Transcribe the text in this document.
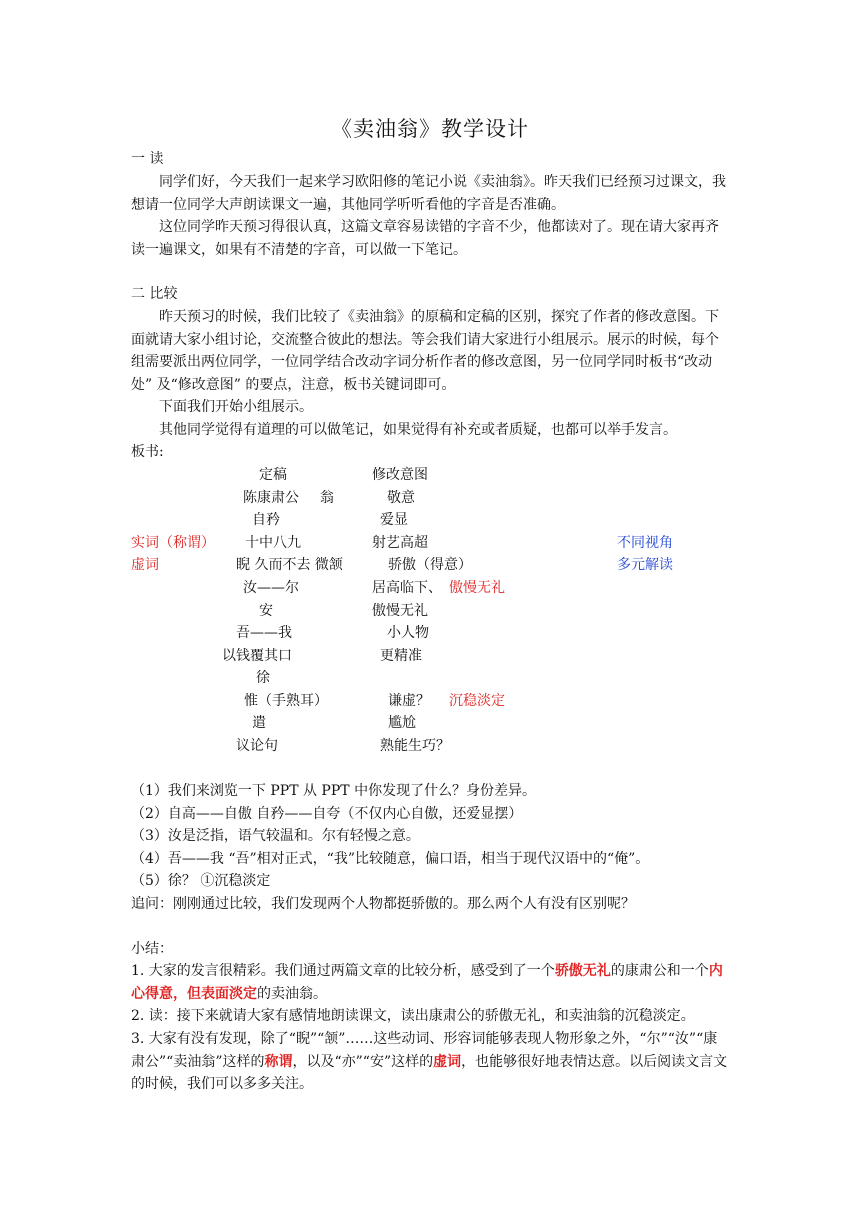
《卖油翁》教学设计

一 读

同学们好，今天我们一起来学习欧阳修的笔记小说《卖油翁》。昨天我们已经预习过课文，我想请一位同学大声朗读课文一遍，其他同学听听看他的字音是否准确。

这位同学昨天预习得很认真，这篇文章容易读错的字音不少，他都读对了。现在请大家再齐读一遍课文，如果有不清楚的字音，可以做一下笔记。

二 比较

昨天预习的时候，我们比较了《卖油翁》的原稿和定稿的区别，探究了作者的修改意图。下面就请大家小组讨论，交流整合彼此的想法。等会我们请大家进行小组展示。展示的时候，每个组需要派出两位同学，一位同学结合改动字词分析作者的修改意图，另一位同学同时板书“改动处” 及“修改意图” 的要点，注意，板书关键词即可。

下面我们开始小组展示。

其他同学觉得有道理的可以做笔记，如果觉得有补充或者质疑，也都可以举手发言。

板书:

定稿	修改意图
陈康肃公 翁	敬意
自矜	爱显
实词（称谓） 十中八九	射艺高超	不同视角
虚词	睨 久而不去 微颔	骄傲（得意）	多元解读
汝——尔	居高临下、 傲慢无礼
安	傲慢无礼
吾——我	小人物
以钱覆其口	更精准
徐
惟（手熟耳）	谦虚？ 沉稳淡定
遣	尴尬
议论句	熟能生巧？

（1）我们来浏览一下 PPT 从 PPT 中你发现了什么？身份差异。

（2）自高——自傲 自矜——自夸（不仅内心自傲，还爱显摆）

（3）汝是泛指，语气较温和。尔有轻慢之意。

（4）吾——我 “吾”相对正式，“我”比较随意，偏口语，相当于现代汉语中的“俺”。

（5）徐？ ①沉稳淡定

追问：刚刚通过比较，我们发现两个人物都挺骄傲的。那么两个人有没有区别呢？

小结：

1. 大家的发言很精彩。我们通过两篇文章的比较分析，感受到了一个骄傲无礼的康肃公和一个内心得意，但表面淡定的卖油翁。

2. 读：接下来就请大家有感情地朗读课文，读出康肃公的骄傲无礼，和卖油翁的沉稳淡定。

3. 大家有没有发现，除了“睨”“颔”……这些动词、形容词能够表现人物形象之外，“尔”“汝”“康肃公”“卖油翁”这样的称谓，以及“亦”“安”这样的虚词，也能够很好地表情达意。以后阅读文言文的时候，我们可以多多关注。
